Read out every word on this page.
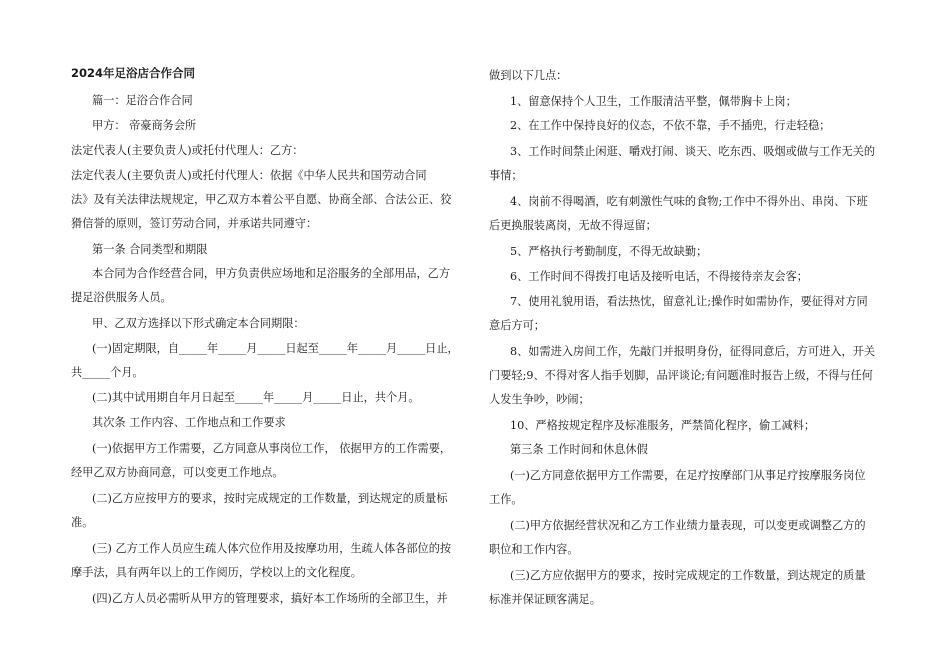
2024年足浴店合作合同
篇一：足浴合作合同
甲方： 帝豪商务会所
法定代表人(主要负责人)或托付代理人：乙方：
法定代表人(主要负责人)或托付代理人：依据《中华人民共和国劳动合同
法》及有关法律法规规定，甲乙双方本着公平自愿、协商全部、合法公正、狡
猾信誉的原则，签订劳动合同，并承诺共同遵守：
第一条 合同类型和期限
本合同为合作经营合同，甲方负责供应场地和足浴服务的全部用品，乙方
提足浴供服务人员。
甲、乙双方选择以下形式确定本合同期限：
(一)固定期限，自_____年_____月_____日起至_____年_____月_____日止，
共_____个月。
(二)其中试用期自年月日起至_____年_____月_____日止，共个月。
其次条 工作内容、工作地点和工作要求
(一)依据甲方工作需要，乙方同意从事岗位工作， 依据甲方的工作需要，
经甲乙双方协商同意，可以变更工作地点。
(二)乙方应按甲方的要求，按时完成规定的工作数量，到达规定的质量标
准。
(三) 乙方工作人员应生疏人体穴位作用及按摩功用，生疏人体各部位的按
摩手法，具有两年以上的工作阅历，学校以上的文化程度。
(四)乙方人员必需听从甲方的管理要求，搞好本工作场所的全部卫生，并
做到以下几点：
1、留意保持个人卫生，工作服清洁平整，佩带胸卡上岗；
2、在工作中保持良好的仪态，不依不靠，手不插兜，行走轻稳；
3、工作时间禁止闲逛、嚼戏打闹、谈天、吃东西、吸烟或做与工作无关的
事情；
4、岗前不得喝酒，吃有刺激性气味的食物;工作中不得外出、串岗、下班
后更换服装离岗，无故不得逗留；
5、严格执行考勤制度，不得无故缺勤；
6、工作时间不得拨打电话及接听电话，不得接待亲友会客；
7、使用礼貌用语，看法热忱，留意礼让;操作时如需协作，要征得对方同
意后方可；
8、如需进入房间工作，先敲门并报明身份，征得同意后，方可进入，开关
门要轻;9、不得对客人指手划脚，品评谈论;有问题准时报告上级，不得与任何
人发生争吵，吵闹；
10、严格按规定程序及标准服务，严禁简化程序，偷工减料；
第三条 工作时间和休息休假
(一)乙方同意依据甲方工作需要，在足疗按摩部门从事足疗按摩服务岗位
工作。
(二)甲方依据经营状况和乙方工作业绩力量表现，可以变更或调整乙方的
职位和工作内容。
(三)乙方应依据甲方的要求，按时完成规定的工作数量，到达规定的质量
标准并保证顾客满足。
